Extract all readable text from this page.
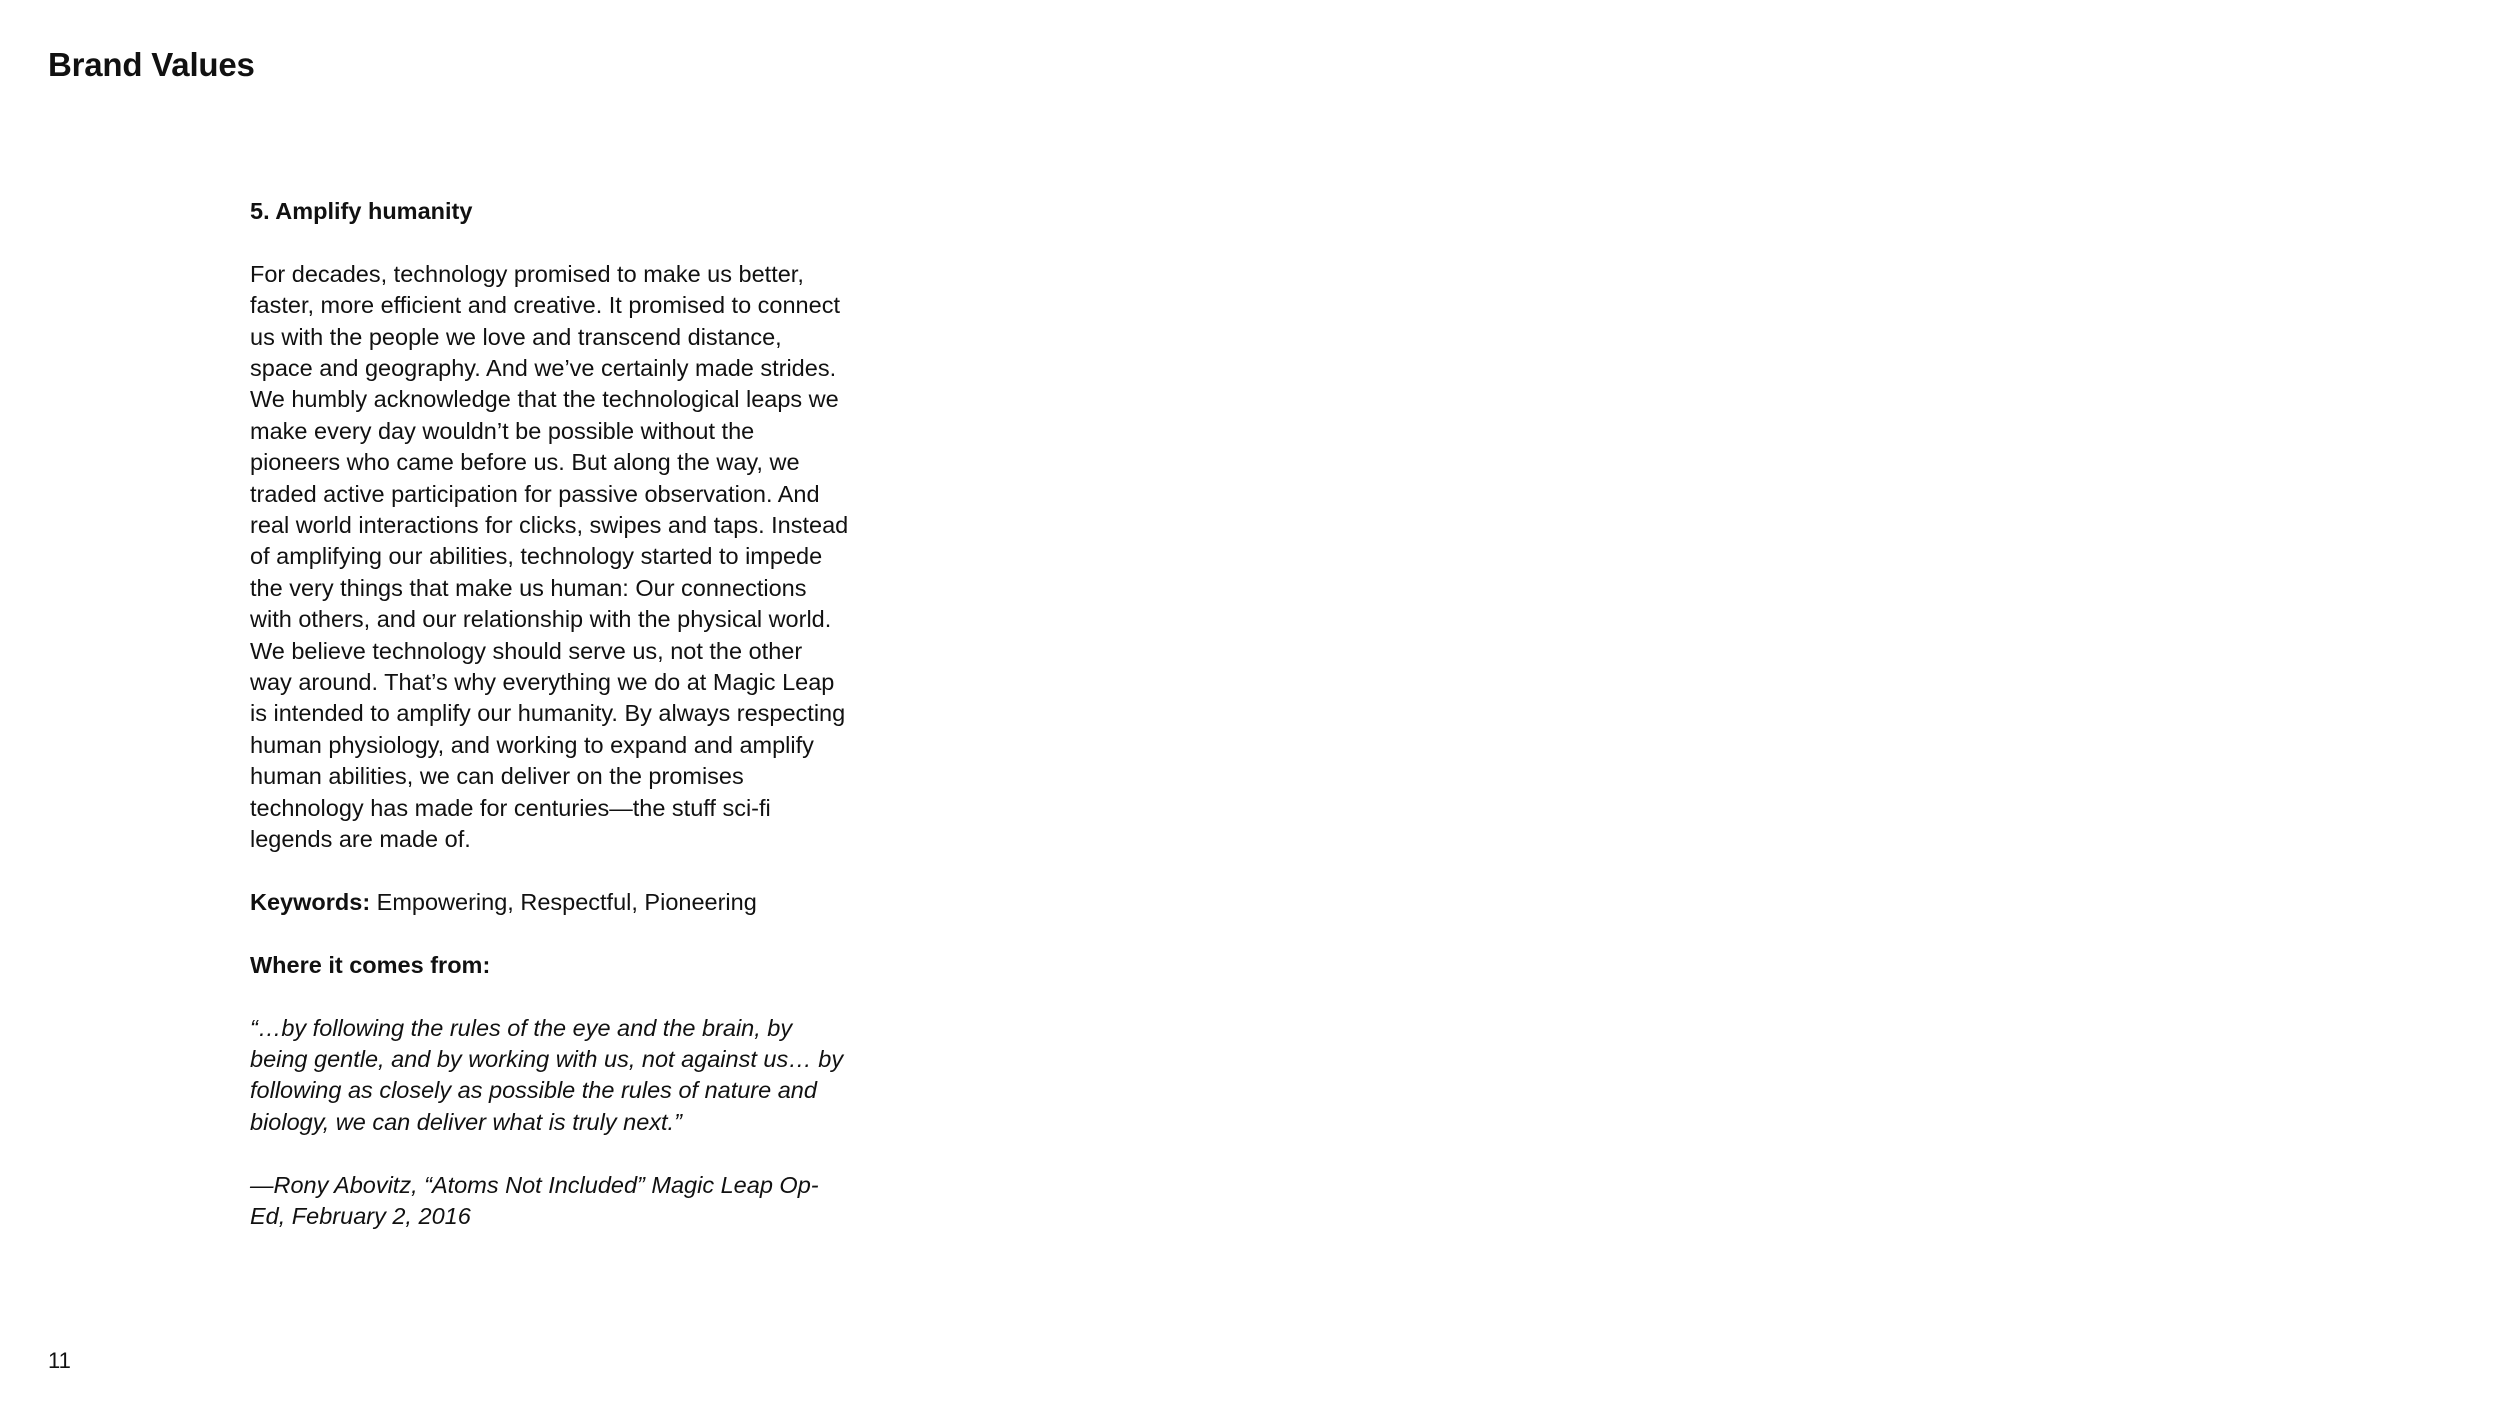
Brand Values

5. Amplify humanity

For decades, technology promised to make us better, faster, more efficient and creative. It promised to connect us with the people we love and transcend distance, space and geography. And we’ve certainly made strides. We humbly acknowledge that the technological leaps we make every day wouldn’t be possible without the pioneers who came before us. But along the way, we traded active participation for passive observation. And real world interactions for clicks, swipes and taps. Instead of amplifying our abilities, technology started to impede the very things that make us human: Our connections with others, and our relationship with the physical world. We believe technology should serve us, not the other way around. That’s why everything we do at Magic Leap is intended to amplify our humanity. By always respecting human physiology, and working to expand and amplify human abilities, we can deliver on the promises technology has made for centuries—the stuff sci-fi legends are made of.

Keywords: Empowering, Respectful, Pioneering

Where it comes from:

“…by following the rules of the eye and the brain, by being gentle, and by working with us, not against us… by following as closely as possible the rules of nature and biology, we can deliver what is truly next.”

—Rony Abovitz, “Atoms Not Included” Magic Leap Op-Ed, February 2, 2016

11
